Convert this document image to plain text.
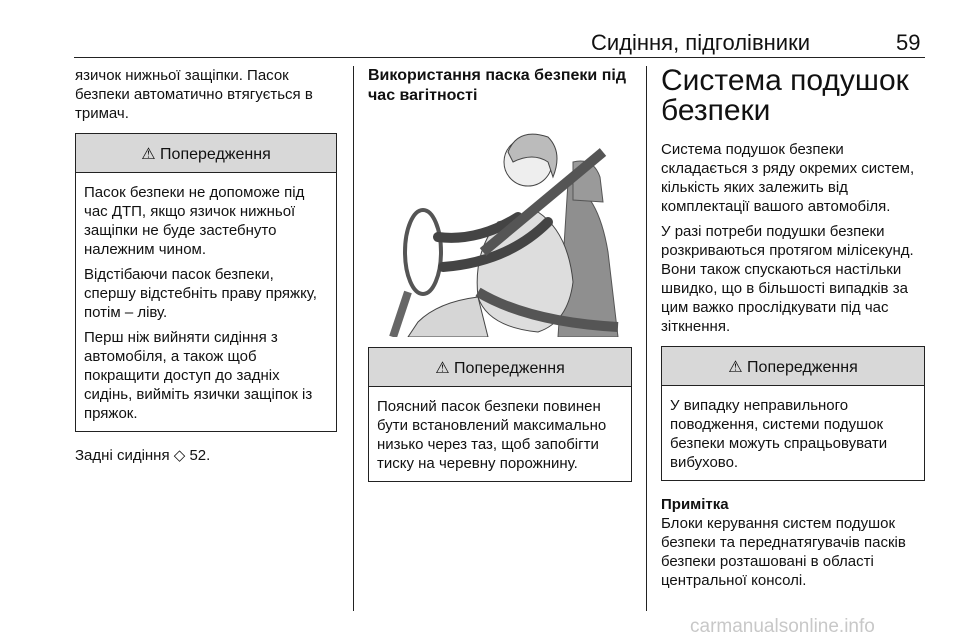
Сидіння, підголівники	59

язичок нижньої защіпки. Пасок безпеки автоматично втягується в тримач.

⚠ Попередження

Пасок безпеки не допоможе під час ДТП, якщо язичок нижньої защіпки не буде застебнуто належним чином.

Відстібаючи пасок безпеки, спершу відстебніть праву пряжку, потім – ліву.

Перш ніж вийняти сидіння з автомобіля, а також щоб покращити доступ до задніх сидінь, вийміть язички защіпок із пряжок.

Задні сидіння ◇ 52.

Використання паска безпеки під час вагітності

⚠ Попередження

Поясний пасок безпеки повинен бути встановлений максимально низько через таз, щоб запобігти тиску на черевну порожнину.

Система подушок безпеки

Система подушок безпеки складається з ряду окремих систем, кількість яких залежить від комплектації вашого автомобіля.

У разі потреби подушки безпеки розкриваються протягом мілісекунд. Вони також спускаються настільки швидко, що в більшості випадків за цим важко прослідкувати під час зіткнення.

⚠ Попередження

У випадку неправильного поводження, системи подушок безпеки можуть спрацьовувати вибухово.

Примітка

Блоки керування систем подушок безпеки та переднатягувачів пасків безпеки розташовані в області центральної консолі.

carmanualsonline.info
